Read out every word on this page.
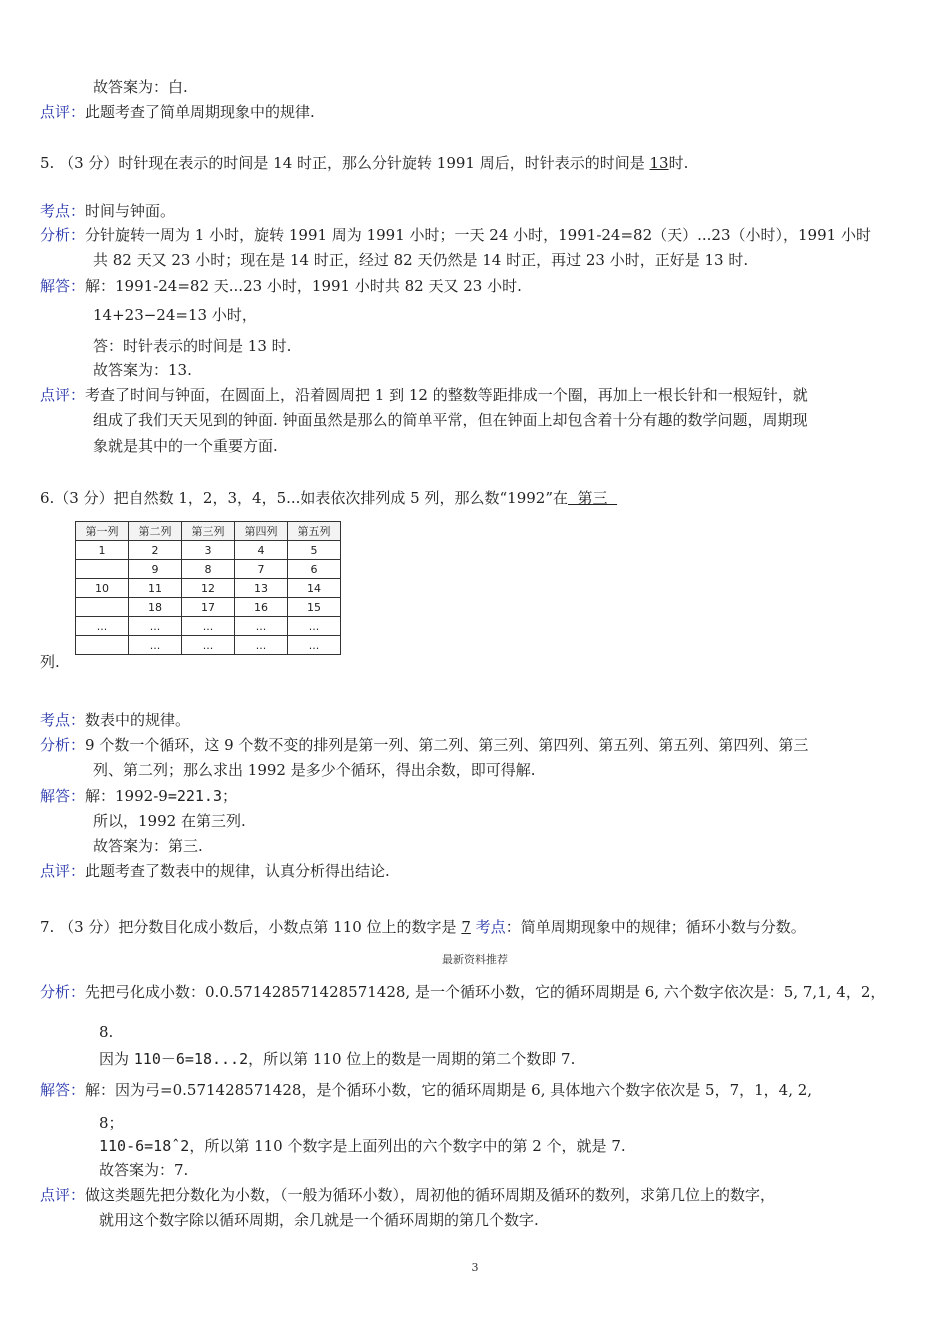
故答案为：白.
点评：此题考查了简单周期现象中的规律.
5. （3 分）时针现在表示的时间是 14 时正，那么分针旋转 1991 周后，时针表示的时间是 13时.
考点：时间与钟面。
分析：分针旋转一周为 1 小时，旋转 1991 周为 1991 小时；一天 24 小时，1991-24=82（天）...23（小时），1991 小时
共 82 天又 23 小时；现在是 14 时正，经过 82 天仍然是 14 时正，再过 23 小时，正好是 13 时.
解答：解：1991-24=82 天...23 小时，1991 小时共 82 天又 23 小时.
14+23−24=13 小时，
答：时针表示的时间是 13 时.
故答案为：13.
点评：考查了时间与钟面，在圆面上，沿着圆周把 1 到 12 的整数等距排成一个圈，再加上一根长针和一根短针，就
组成了我们天天见到的钟面. 钟面虽然是那么的简单平常，但在钟面上却包含着十分有趣的数学问题，周期现
象就是其中的一个重要方面.
6.（3 分）把自然数 1，2，3，4，5...如表依次排列成 5 列，那么数“1992”在  第三
第一列	第二列	第三列	第四列	第五列
1	2	3	4	5
	9	8	7	6
10	11	12	13	14
	18	17	16	15
...	...	...	...	...
	...	...	...	...
列.
考点：数表中的规律。
分析：9 个数一个循环，这 9 个数不变的排列是第一列、第二列、第三列、第四列、第五列、第五列、第四列、第三
列、第二列；那么求出 1992 是多少个循环，得出余数，即可得解.
解答：解：1992-9=221.3；
所以，1992 在第三列.
故答案为：第三.
点评：此题考查了数表中的规律，认真分析得出结论.
7. （3 分）把分数目化成小数后，小数点第 110 位上的数字是 7 考点：简单周期现象中的规律；循环小数与分数。
最新资料推荐
分析：先把弓化成小数：0.0.571428571428571428, 是一个循环小数，它的循环周期是 6, 六个数字依次是：5, 7,1, 4，2，
8.
因为 110－6=18...2，所以第 110 位上的数是一周期的第二个数即 7.
解答：解：因为弓=0.571428571428，是个循环小数，它的循环周期是 6, 具体地六个数字依次是 5，7，1，4, 2,
8；
110-6=18ˆ2，所以第 110 个数字是上面列出的六个数字中的第 2 个，就是 7.
故答案为：7.
点评：做这类题先把分数化为小数，（一般为循环小数），周初他的循环周期及循环的数列，求第几位上的数字，
就用这个数字除以循环周期，余几就是一个循环周期的第几个数字.
3
